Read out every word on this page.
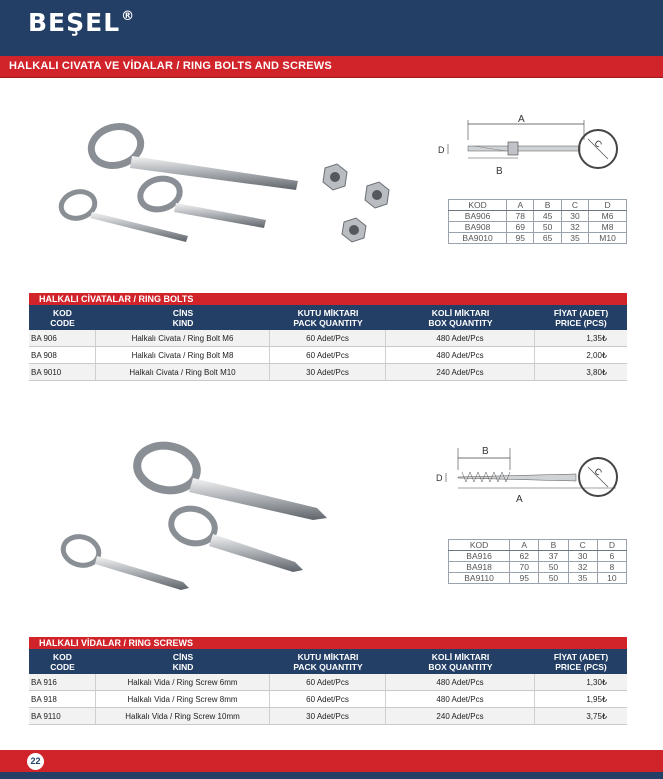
BEŞEL®
HALKALI CIVATA VE VİDALAR / RING BOLTS AND SCREWS
A
B
D
C
KOD	A	B	C	D
BA906	78	45	30	M6
BA908	69	50	32	M8
BA9010	95	65	35	M10
HALKALI CİVATALAR / RING BOLTS
KOD
CODE
CİNS
KIND
KUTU MİKTARI
PACK QUANTITY
KOLİ MİKTARI
BOX QUANTITY
FİYAT (ADET)
PRICE (PCS)
BA 906	Halkalı Civata / Ring Bolt M6	60 Adet/Pcs	480 Adet/Pcs	1,35₺
BA 908	Halkalı Civata / Ring Bolt M8	60 Adet/Pcs	480 Adet/Pcs	2,00₺
BA 9010	Halkalı Civata / Ring Bolt M10	30 Adet/Pcs	240 Adet/Pcs	3,80₺
B
A
D
C
KOD	A	B	C	D
BA916	62	37	30	6
BA918	70	50	32	8
BA9110	95	50	35	10
HALKALI VİDALAR / RING SCREWS
KOD
CODE
CİNS
KIND
KUTU MİKTARI
PACK QUANTITY
KOLİ MİKTARI
BOX QUANTITY
FİYAT (ADET)
PRICE (PCS)
BA 916	Halkalı Vida / Ring Screw 6mm	60 Adet/Pcs	480 Adet/Pcs	1,30₺
BA 918	Halkalı Vida / Ring Screw 8mm	60 Adet/Pcs	480 Adet/Pcs	1,95₺
BA 9110	Halkalı Vida / Ring Screw 10mm	30 Adet/Pcs	240 Adet/Pcs	3,75₺
22
